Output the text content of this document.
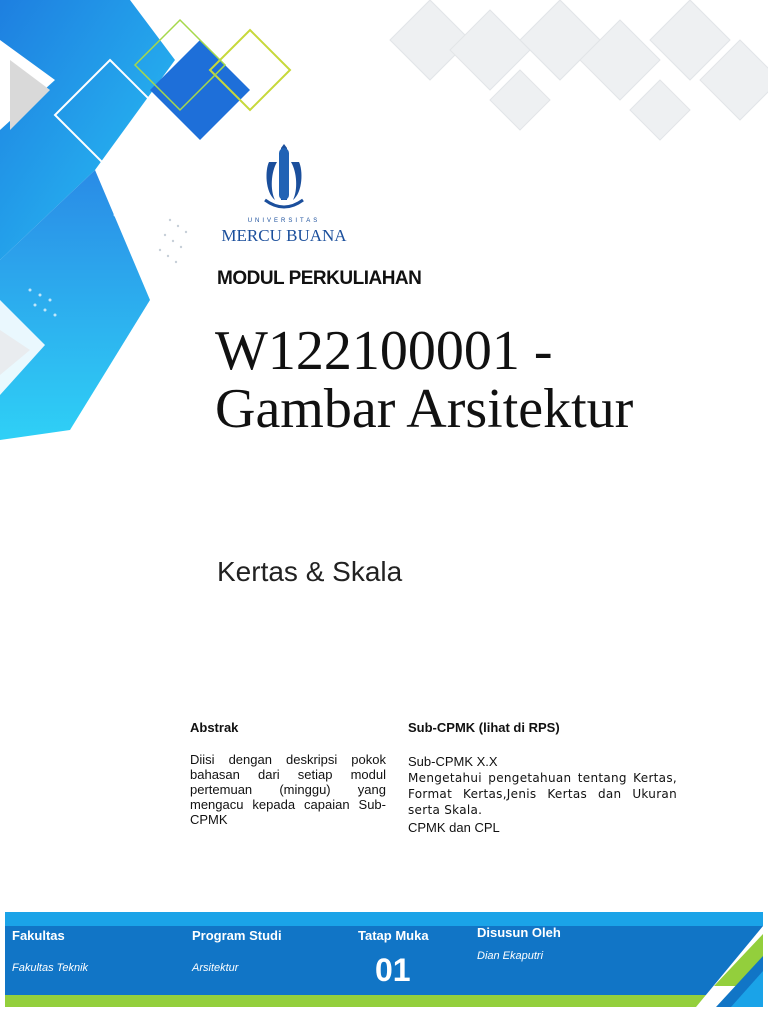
UNIVERSITAS
MERCU BUANA
MODUL PERKULIAHAN
W122100001 - Gambar Arsitektur
Kertas & Skala
Abstrak
Diisi dengan deskripsi pokok bahasan dari setiap modul pertemuan (minggu) yang mengacu kepada capaian Sub-CPMK
Sub-CPMK (lihat di RPS)
Sub-CPMK X.X
Mengetahui pengetahuan tentang Kertas, Format Kertas,Jenis Kertas dan Ukuran serta Skala.
CPMK dan CPL
Fakultas
Fakultas Teknik
Program Studi
Arsitektur
Tatap Muka
01
Disusun Oleh
Dian Ekaputri
